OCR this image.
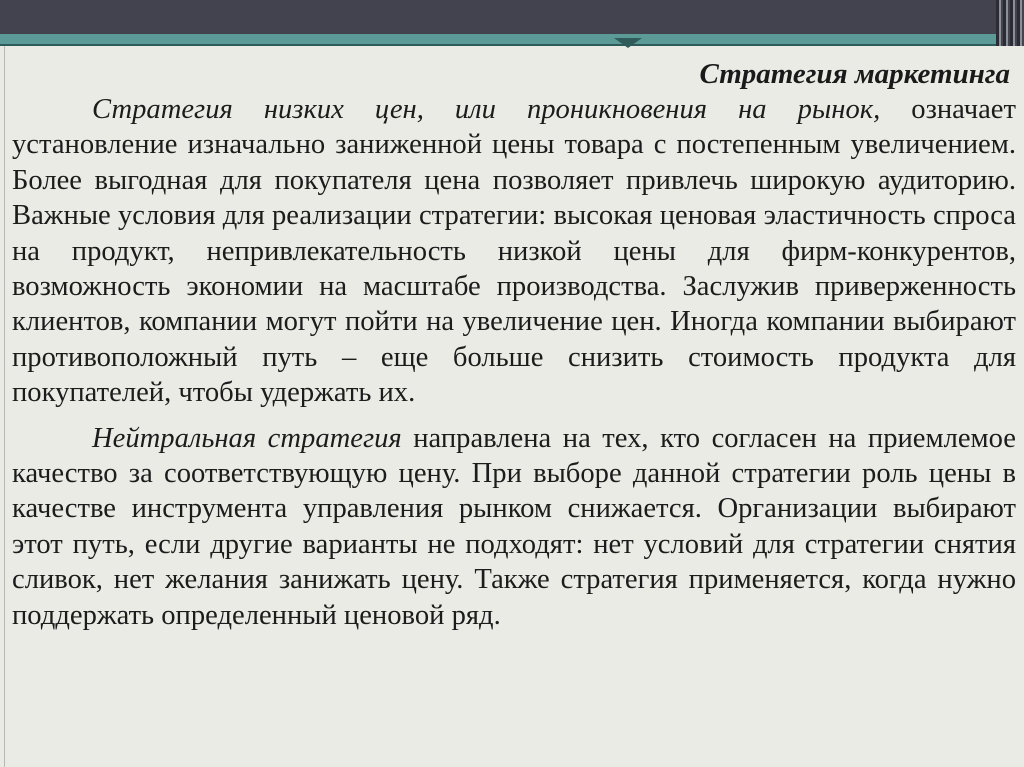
Стратегия маркетинга

Стратегия низких цен, или проникновения на рынок, означает установление изначально заниженной цены товара с постепенным увеличением. Более выгодная для покупателя цена позволяет привлечь широкую аудиторию. Важные условия для реализации стратегии: высокая ценовая эластичность спроса на продукт, непривлекательность низкой цены для фирм-конкурентов, возможность экономии на масштабе производства. Заслужив приверженность клиентов, компании могут пойти на увеличение цен. Иногда компании выбирают противоположный путь – еще больше снизить стоимость продукта для покупателей, чтобы удержать их.

Нейтральная стратегия направлена на тех, кто согласен на приемлемое качество за соответствующую цену. При выборе данной стратегии роль цены в качестве инструмента управления рынком снижается. Организации выбирают этот путь, если другие варианты не подходят: нет условий для стратегии снятия сливок, нет желания занижать цену. Также стратегия применяется, когда нужно поддержать определенный ценовой ряд.
